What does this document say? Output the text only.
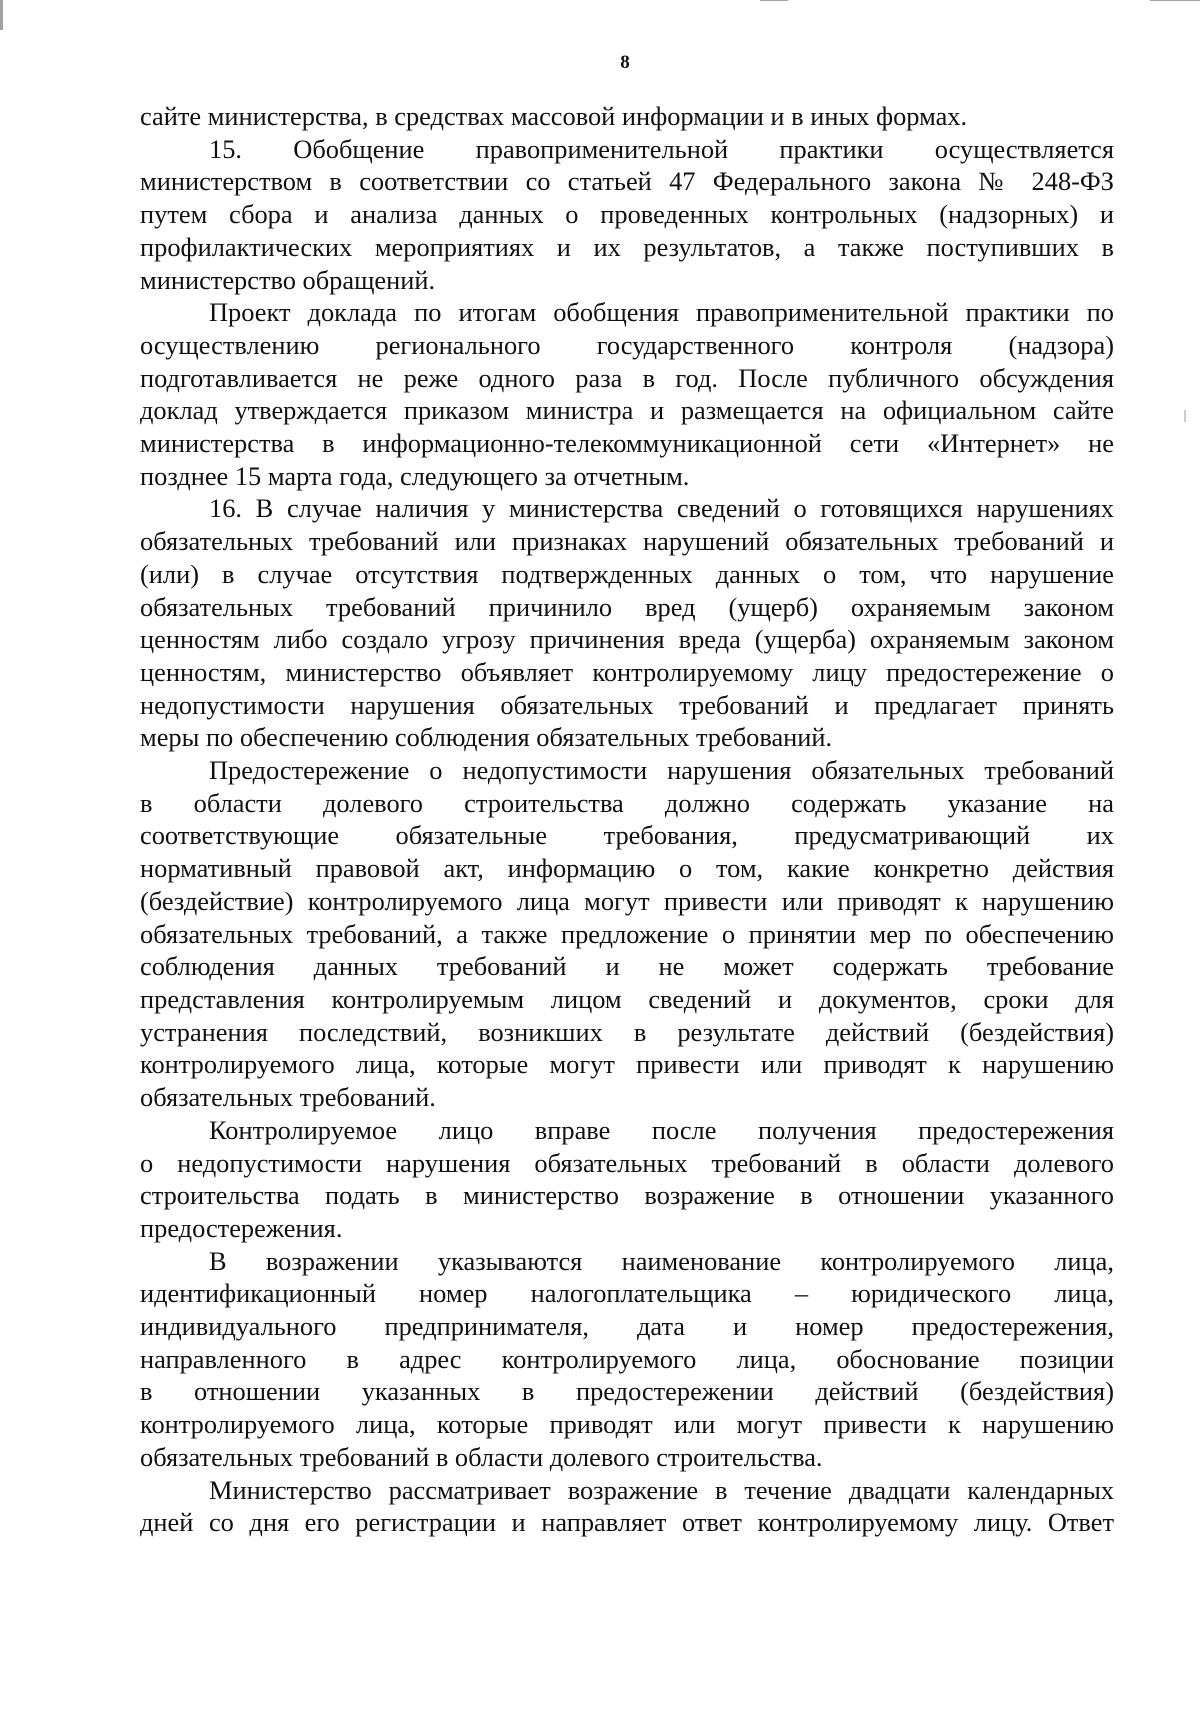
8
сайте министерства, в средствах массовой информации и в иных формах.
15. Обобщение правоприменительной практики осуществляется
министерством в соответствии со статьей 47 Федерального закона № 248-ФЗ
путем сбора и анализа данных о проведенных контрольных (надзорных) и
профилактических мероприятиях и их результатов, а также поступивших в
министерство обращений.
Проект доклада по итогам обобщения правоприменительной практики по
осуществлению регионального государственного контроля (надзора)
подготавливается не реже одного раза в год. После публичного обсуждения
доклад утверждается приказом министра и размещается на официальном сайте
министерства в информационно-телекоммуникационной сети «Интернет» не
позднее 15 марта года, следующего за отчетным.
16. В случае наличия у министерства сведений о готовящихся нарушениях
обязательных требований или признаках нарушений обязательных требований и
(или) в случае отсутствия подтвержденных данных о том, что нарушение
обязательных требований причинило вред (ущерб) охраняемым законом
ценностям либо создало угрозу причинения вреда (ущерба) охраняемым законом
ценностям, министерство объявляет контролируемому лицу предостережение о
недопустимости нарушения обязательных требований и предлагает принять
меры по обеспечению соблюдения обязательных требований.
Предостережение о недопустимости нарушения обязательных требований
в области долевого строительства должно содержать указание на
соответствующие обязательные требования, предусматривающий их
нормативный правовой акт, информацию о том, какие конкретно действия
(бездействие) контролируемого лица могут привести или приводят к нарушению
обязательных требований, а также предложение о принятии мер по обеспечению
соблюдения данных требований и не может содержать требование
представления контролируемым лицом сведений и документов, сроки для
устранения последствий, возникших в результате действий (бездействия)
контролируемого лица, которые могут привести или приводят к нарушению
обязательных требований.
Контролируемое лицо вправе после получения предостережения
о недопустимости нарушения обязательных требований в области долевого
строительства подать в министерство возражение в отношении указанного
предостережения.
В возражении указываются наименование контролируемого лица,
идентификационный номер налогоплательщика – юридического лица,
индивидуального предпринимателя, дата и номер предостережения,
направленного в адрес контролируемого лица, обоснование позиции
в отношении указанных в предостережении действий (бездействия)
контролируемого лица, которые приводят или могут привести к нарушению
обязательных требований в области долевого строительства.
Министерство рассматривает возражение в течение двадцати календарных
дней со дня его регистрации и направляет ответ контролируемому лицу. Ответ
